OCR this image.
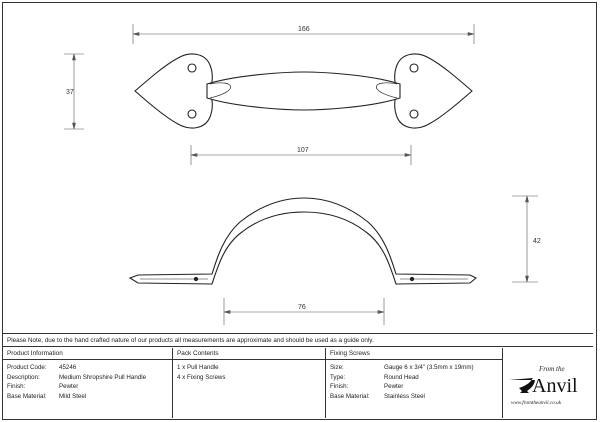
166
37
107
42
76
Please Note, due to the hand crafted nature of our products all measurements are approximate and should be used as a guide only.
Product Information
Product Code: 45246
Description:	Medium Shropshire Pull Handle
Finish:	Pewter
Base Material: Mild Steel
Pack Contents
1 x Pull Handle
4 x Fixing Screws
Fixing Screws
Size:	Gauge 6 x 3/4" (3.5mm x 19mm)
Type:	Round Head
Finish:	Pewter
Base Material: Stainless Steel
From the
Anvil
www.fromtheanvil.co.uk
